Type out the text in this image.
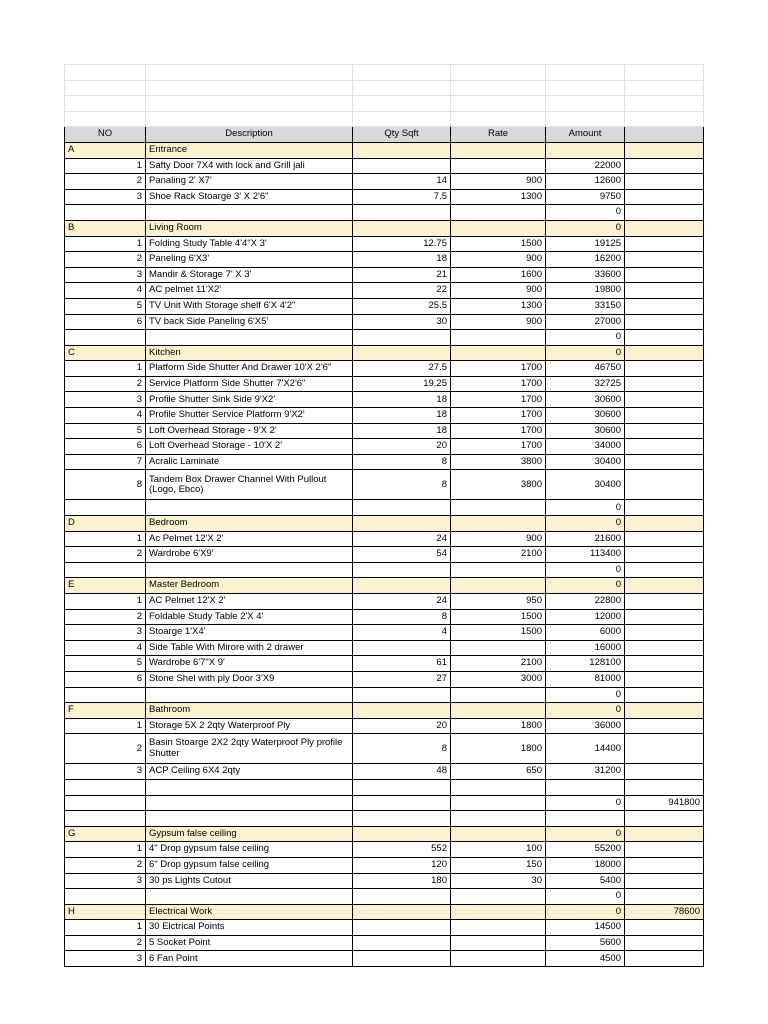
NO	Description	Qty Sqft	Rate	Amount	
A	Entrance				
1	Safty Door 7X4 with lock and Grill jali			22000	
2	Panaling 2' X7'	14	900	12600	
3	Shoe Rack Stoarge 3' X 2'6"	7.5	1300	9750	
				0	
B	Living Room			0	
1	Folding Study Table 4'4"X 3'	12.75	1500	19125	
2	Paneling 6'X3'	18	900	16200	
3	Mandir & Storage 7' X 3'	21	1600	33600	
4	AC pelmet 11'X2'	22	900	19800	
5	TV Unit With Storage shelf 6'X 4'2"	25.5	1300	33150	
6	TV back Side Paneling 6'X5'	30	900	27000	
				0	
C	Kitchen			0	
1	Platform Side Shutter And Drawer 10'X 2'6"	27.5	1700	46750	
2	Service Platform Side Shutter 7'X2'6"	19.25	1700	32725	
3	Profile Shutter Sink Side 9'X2'	18	1700	30600	
4	Profile Shutter Service Platform 9'X2'	18	1700	30600	
5	Loft Overhead Storage - 9'X 2'	18	1700	30600	
6	Loft Overhead Storage - 10'X 2'	20	1700	34000	
7	Acralic Laminate	8	3800	30400	
8	Tandem Box Drawer Channel With Pullout (Logo, Ebco)	8	3800	30400	
				0	
D	Bedroom			0	
1	Ac Pelmet 12'X 2'	24	900	21600	
2	Wardrobe 6'X9'	54	2100	113400	
				0	
E	Master Bedroom			0	
1	AC Pelmet 12'X 2'	24	950	22800	
2	Foldable Study Table 2'X 4'	8	1500	12000	
3	Stoarge 1'X4'	4	1500	6000	
4	Side Table With Mirore with 2 drawer			16000	
5	Wardrobe 6'7"X 9'	61	2100	128100	
6	Stone Shel with ply Door 3'X9	27	3000	81000	
				0	
F	Bathroom			0	
1	Storage 5X 2 2qty Waterproof Ply	20	1800	36000	
2	Basin Stoarge 2X2 2qty Waterproof Ply profile Shutter	8	1800	14400	
3	ACP Ceiling 6X4 2qty	48	650	31200	

				0	941800

G	Gypsum false ceiling			0	
1	4" Drop gypsum false ceiling	552	100	55200	
2	6" Drop gypsum false ceiling	120	150	18000	
3	30 ps Lights Cutout	180	30	5400	
				0	
H	Electrical Work			0	78600
1	30 Elctrical Points			14500	
2	5 Socket Point			5600	
3	6 Fan Point			4500	
